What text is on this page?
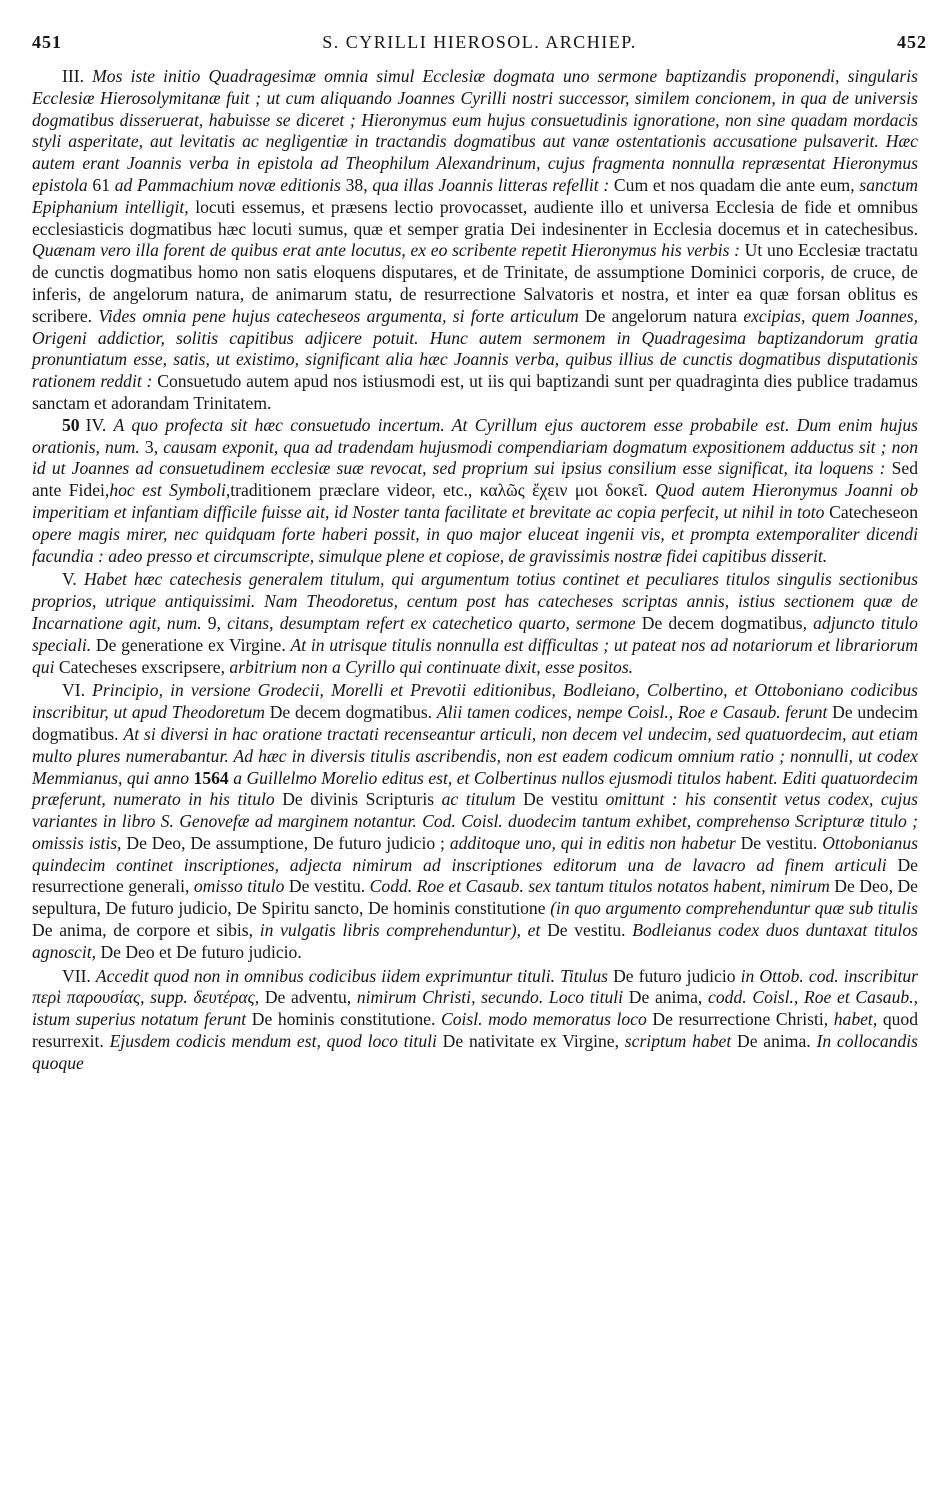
451	S. CYRILLI HIEROSOL. ARCHIEP.	452

III. Mos iste initio Quadragesimæ omnia simul Ecclesiæ dogmata uno sermone baptizandis proponendi, singularis Ecclesiæ Hierosolymitanæ fuit ; ut cum aliquando Joannes Cyrilli nostri successor, similem concionem, in qua de universis dogmatibus disseruerat, habuisse se diceret ; Hieronymus eum hujus consuetudinis ignoratione, non sine quadam mordacis styli asperitate, aut levitatis ac negligentiæ in tractandis dogmatibus aut vanæ ostentationis accusatione pulsaverit. Hæc autem erant Joannis verba in epistola ad Theophilum Alexandrinum, cujus fragmenta nonnulla repræsentat Hieronymus epistola 61 ad Pammachium novæ editionis 38, qua illas Joannis litteras refellit : Cum et nos quadam die ante eum, sanctum Epiphanium intelligit, locuti essemus, et præsens lectio provocasset, audiente illo et universa Ecclesia de fide et omnibus ecclesiasticis dogmatibus hæc locuti sumus, quæ et semper gratia Dei indesinenter in Ecclesia docemus et in catechesibus. Quænam vero illa forent de quibus erat ante locutus, ex eo scribente repetit Hieronymus his verbis : Ut uno Ecclesiæ tractatu de cunctis dogmatibus homo non satis eloquens disputares, et de Trinitate, de assumptione Dominici corporis, de cruce, de inferis, de angelorum natura, de animarum statu, de resurrectione Salvatoris et nostra, et inter ea quæ forsan oblitus es scribere. Vides omnia pene hujus catecheseos argumenta, si forte articulum De angelorum natura excipias, quem Joannes, Origeni addictior, solitis capitibus adjicere potuit. Hunc autem sermonem in Quadragesima baptizandorum gratia pronuntiatum esse, satis, ut existimo, significant alia hæc Joannis verba, quibus illius de cunctis dogmatibus disputationis rationem reddit : Consuetudo autem apud nos istiusmodi est, ut iis qui baptizandi sunt per quadraginta dies publice tradamus sanctam et adorandam Trinitatem.

50 IV. A quo profecta sit hæc consuetudo incertum. At Cyrillum ejus auctorem esse probabile est. Dum enim hujus orationis, num. 3, causam exponit, qua ad tradendam hujusmodi compendiariam dogmatum expositionem adductus sit ; non id ut Joannes ad consuetudinem ecclesiæ suæ revocat, sed proprium sui ipsius consilium esse significat, ita loquens : Sed ante Fidei,hoc est Symboli,traditionem præclare videor, etc., καλῶς ἔχειν μοι δοκεῖ. Quod autem Hieronymus Joanni ob imperitiam et infantiam difficile fuisse ait, id Noster tanta facilitate et brevitate ac copia perfecit, ut nihil in toto Catecheseon opere magis mirer, nec quidquam forte haberi possit, in quo major eluceat ingenii vis, et prompta extemporaliter dicendi facundia : adeo presso et circumscripte, simulque plene et copiose, de gravissimis nostræ fidei capitibus disserit.

V. Habet hæc catechesis generalem titulum, qui argumentum totius continet et peculiares titulos singulis sectionibus proprios, utrique antiquissimi. Nam Theodoretus, centum post has catecheses scriptas annis, istius sectionem quæ de Incarnatione agit, num. 9, citans, desumptam refert ex catechetico quarto, sermone De decem dogmatibus, adjuncto titulo speciali. De generatione ex Virgine. At in utrisque titulis nonnulla est difficultas ; ut pateat nos ad notariorum et librariorum qui Catecheses exscripsere, arbitrium non a Cyrillo qui continuate dixit, esse positos.

VI. Principio, in versione Grodecii, Morelli et Prevotii editionibus, Bodleiano, Colbertino, et Ottoboniano codicibus inscribitur, ut apud Theodoretum De decem dogmatibus. Alii tamen codices, nempe Coisl., Roe e Casaub. ferunt De undecim dogmatibus. At si diversi in hac oratione tractati recenseantur articuli, non decem vel undecim, sed quatuordecim, aut etiam multo plures numerabantur. Ad hæc in diversis titulis ascribendis, non est eadem codicum omnium ratio ; nonnulli, ut codex Memmianus, qui anno 1564 a Guillelmo Morelio editus est, et Colbertinus nullos ejusmodi titulos habent. Editi quatuordecim præferunt, numerato in his titulo De divinis Scripturis ac titulum De vestitu omittunt : his consentit vetus codex, cujus variantes in libro S. Genovefæ ad marginem notantur. Cod. Coisl. duodecim tantum exhibet, comprehenso Scripturæ titulo ; omissis istis, De Deo, De assumptione, De futuro judicio ; additoque uno, qui in editis non habetur De vestitu. Ottobonianus quindecim continet inscriptiones, adjecta nimirum ad inscriptiones editorum una de lavacro ad finem articuli De resurrectione generali, omisso titulo De vestitu. Codd. Roe et Casaub. sex tantum titulos notatos habent, nimirum De Deo, De sepultura, De futuro judicio, De Spiritu sancto, De hominis constitutione (in quo argumento comprehenduntur quæ sub titulis De anima, de corpore et sibis, in vulgatis libris comprehenduntur), et De vestitu. Bodleianus codex duos duntaxat titulos agnoscit, De Deo et De futuro judicio.

VII. Accedit quod non in omnibus codicibus iidem exprimuntur tituli. Titulus De futuro judicio in Ottob. cod. inscribitur περὶ παρουσίας, supp. δευτέρας, De adventu, nimirum Christi, secundo. Loco tituli De anima, codd. Coisl., Roe et Casaub., istum superius notatum ferunt De hominis constitutione. Coisl. modo memoratus loco De resurrectione Christi, habet, quod resurrexit. Ejusdem codicis mendum est, quod loco tituli De nativitate ex Virgine, scriptum habet De anima. In collocandis quoque
